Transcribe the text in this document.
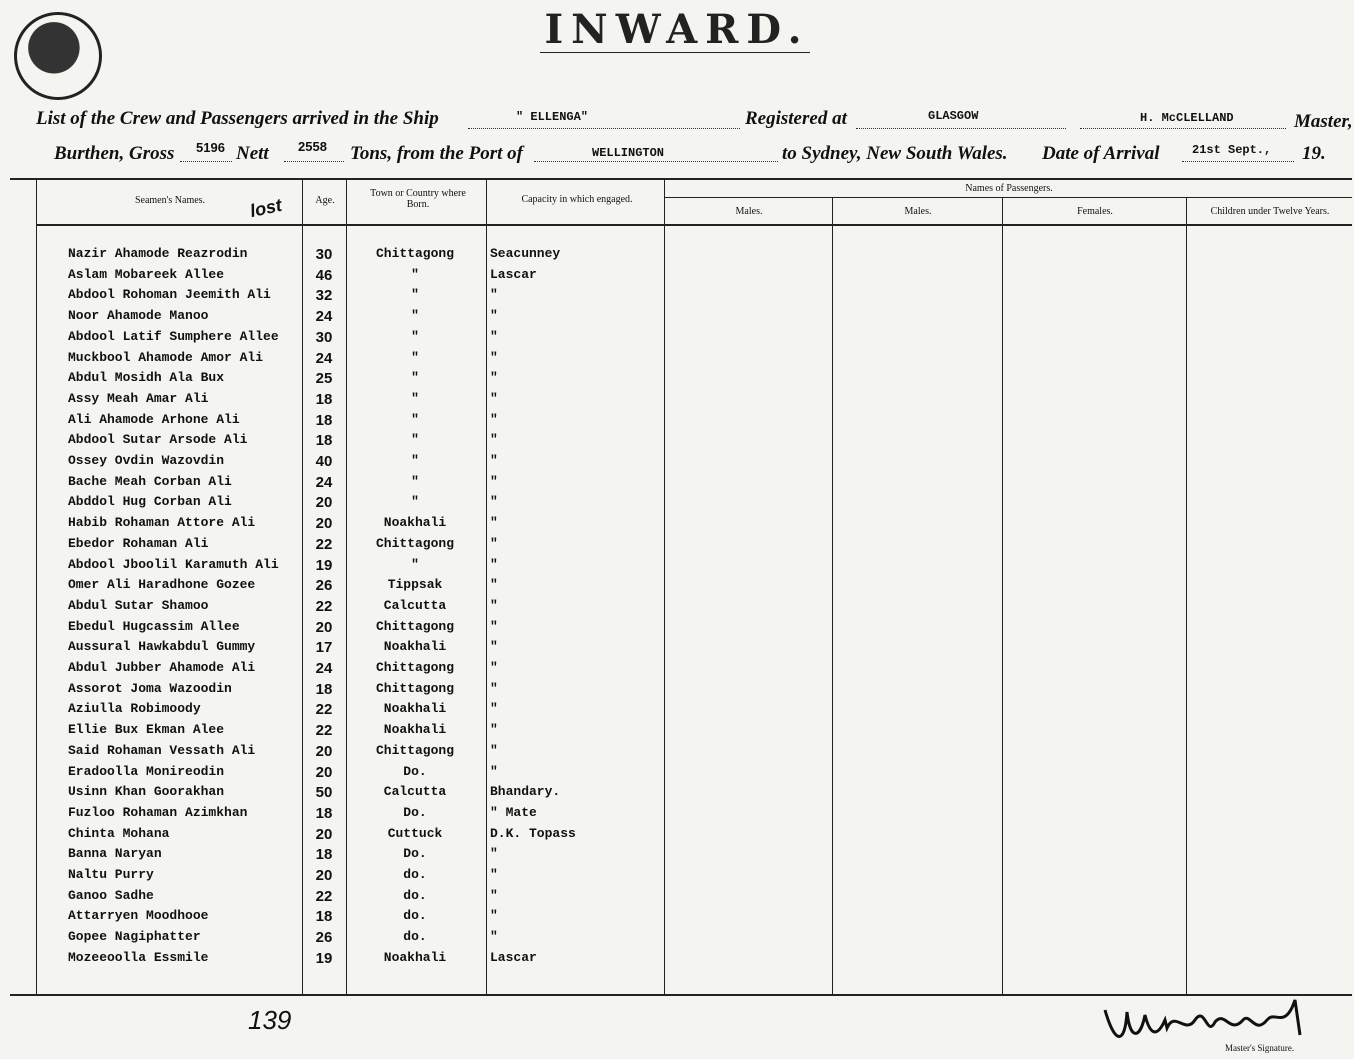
INWARD.
List of the Crew and Passengers arrived in the Ship	" ELLENGA"	Registered at	GLASGOW	H. McCLELLAND	Master,
Burthen, Gross 5196 Nett 2558 Tons, from the Port of	WELLINGTON	to Sydney, New South Wales. Date of Arrival	21st Sept., 19.
Seamen's Names.	lost	Age.
Town or Country where Born.	Capacity in which engaged.
Names of Passengers.
Males.	Males.	Females.	Children under Twelve Years.
Nazir Ahamode Reazrodin	30	Chittagong	Seacunney
Aslam Mobareek Allee	46	"	Lascar
Abdool Rohoman Jeemith Ali	32	"	"
Noor Ahamode Manoo	24	"	"
Abdool Latif Sumphere Allee	30	"	"
Muckbool Ahamode Amor Ali	24	"	"
Abdul Mosidh Ala Bux	25	"	"
Assy Meah Amar Ali	18	"	"
Ali Ahamode Arhone Ali	18	"	"
Abdool Sutar Arsode Ali	18	"	"
Ossey Ovdin Wazovdin	40	"	"
Bache Meah Corban Ali	24	"	"
Abddol Hug Corban Ali	20	"	"
Habib Rohaman Attore Ali	20	Noakhali	"
Ebedor Rohaman Ali	22	Chittagong	"
Abdool Jboolil Karamuth Ali	19	"	"
Omer Ali Haradhone Gozee	26	Tippsak	"
Abdul Sutar Shamoo	22	Calcutta	"
Ebedul Hugcassim Allee	20	Chittagong	"
Aussural Hawkabdul Gummy	17	Noakhali	"
Abdul Jubber Ahamode Ali	24	Chittagong	"
Assorot Joma Wazoodin	18	Chittagong	"
Aziulla Robimoody	22	Noakhali	"
Ellie Bux Ekman Alee	22	Noakhali	"
Said Rohaman Vessath Ali	20	Chittagong	"
Eradoolla Monireodin	20	Do.	"
Usinn Khan Goorakhan	50	Calcutta	Bhandary.
Fuzloo Rohaman Azimkhan	18	Do.	" Mate
Chinta Mohana	20	Cuttuck	D.K. Topass
Banna Naryan	18	Do.	"
Naltu Purry	20	do.	"
Ganoo Sadhe	22	do.	"
Attarryen Moodhooe	18	do.	"
Gopee Nagiphatter	26	do.	"
Mozeeoolla Essmile	19	Noakhali	Lascar
139
Master's Signature.
